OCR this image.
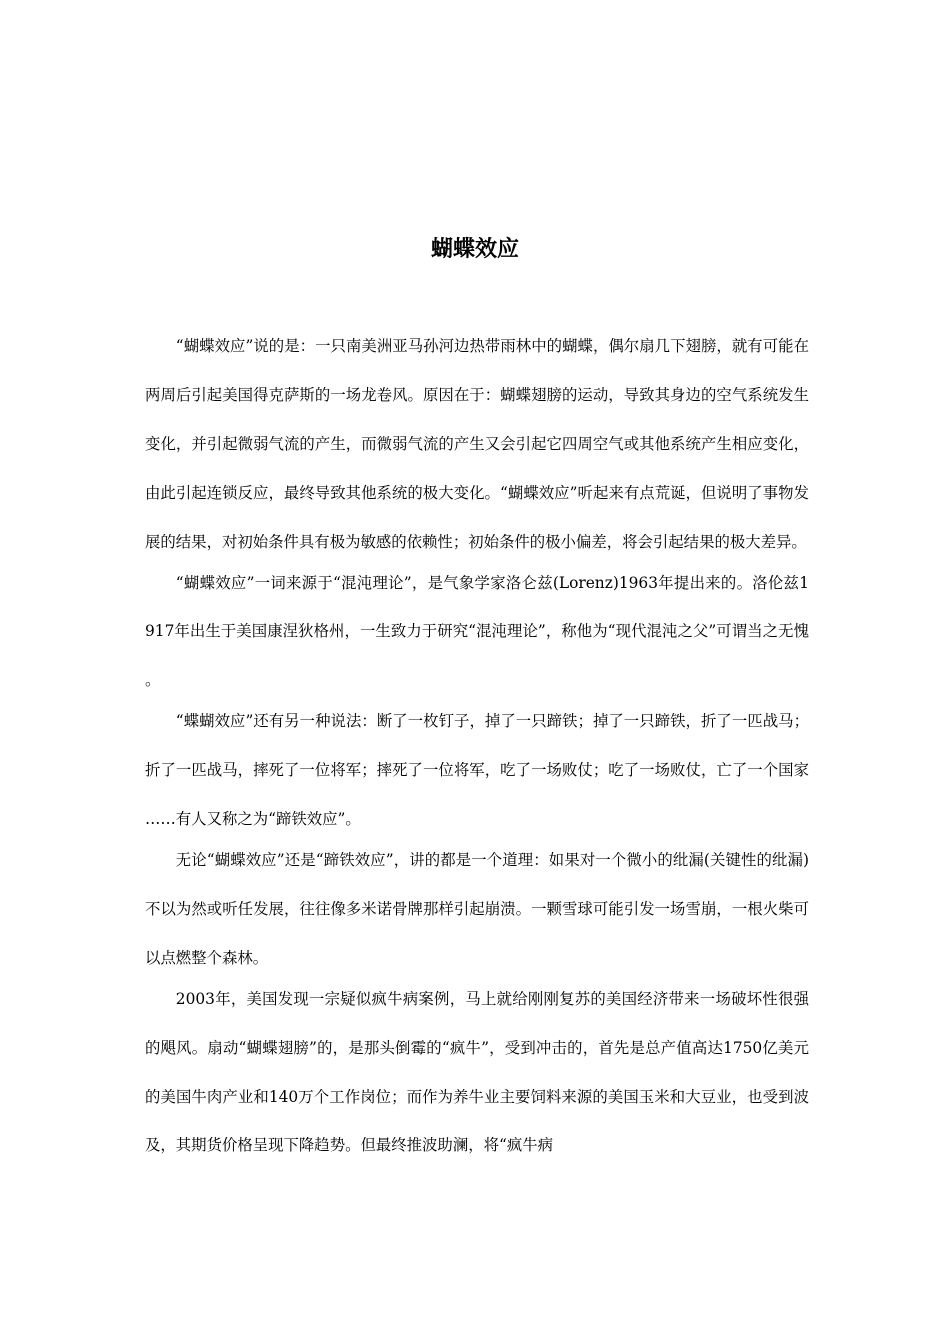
蝴蝶效应

“蝴蝶效应”说的是：一只南美洲亚马孙河边热带雨林中的蝴蝶，偶尔扇几下翅膀，就有可能在两周后引起美国得克萨斯的一场龙卷风。原因在于：蝴蝶翅膀的运动，导致其身边的空气系统发生变化，并引起微弱气流的产生，而微弱气流的产生又会引起它四周空气或其他系统产生相应变化，由此引起连锁反应，最终导致其他系统的极大变化。“蝴蝶效应”听起来有点荒诞，但说明了事物发展的结果，对初始条件具有极为敏感的依赖性；初始条件的极小偏差，将会引起结果的极大差异。

“蝴蝶效应”一词来源于“混沌理论”，是气象学家洛仑兹(Lorenz)1963年提出来的。洛伦兹1917年出生于美国康涅狄格州，一生致力于研究“混沌理论”，称他为“现代混沌之父”可谓当之无愧。

“蝶蝴效应”还有另一种说法：断了一枚钉子，掉了一只蹄铁；掉了一只蹄铁，折了一匹战马；折了一匹战马，摔死了一位将军；摔死了一位将军，吃了一场败仗；吃了一场败仗，亡了一个国家……有人又称之为“蹄铁效应”。

无论“蝴蝶效应”还是“蹄铁效应”，讲的都是一个道理：如果对一个微小的纰漏(关键性的纰漏)不以为然或听任发展，往往像多米诺骨牌那样引起崩溃。一颗雪球可能引发一场雪崩，一根火柴可以点燃整个森林。

2003年，美国发现一宗疑似疯牛病案例，马上就给刚刚复苏的美国经济带来一场破坏性很强的飓风。扇动“蝴蝶翅膀”的，是那头倒霉的“疯牛”，受到冲击的，首先是总产值高达1750亿美元的美国牛肉产业和140万个工作岗位；而作为养牛业主要饲料来源的美国玉米和大豆业，也受到波及，其期货价格呈现下降趋势。但最终推波助澜，将“疯牛病
